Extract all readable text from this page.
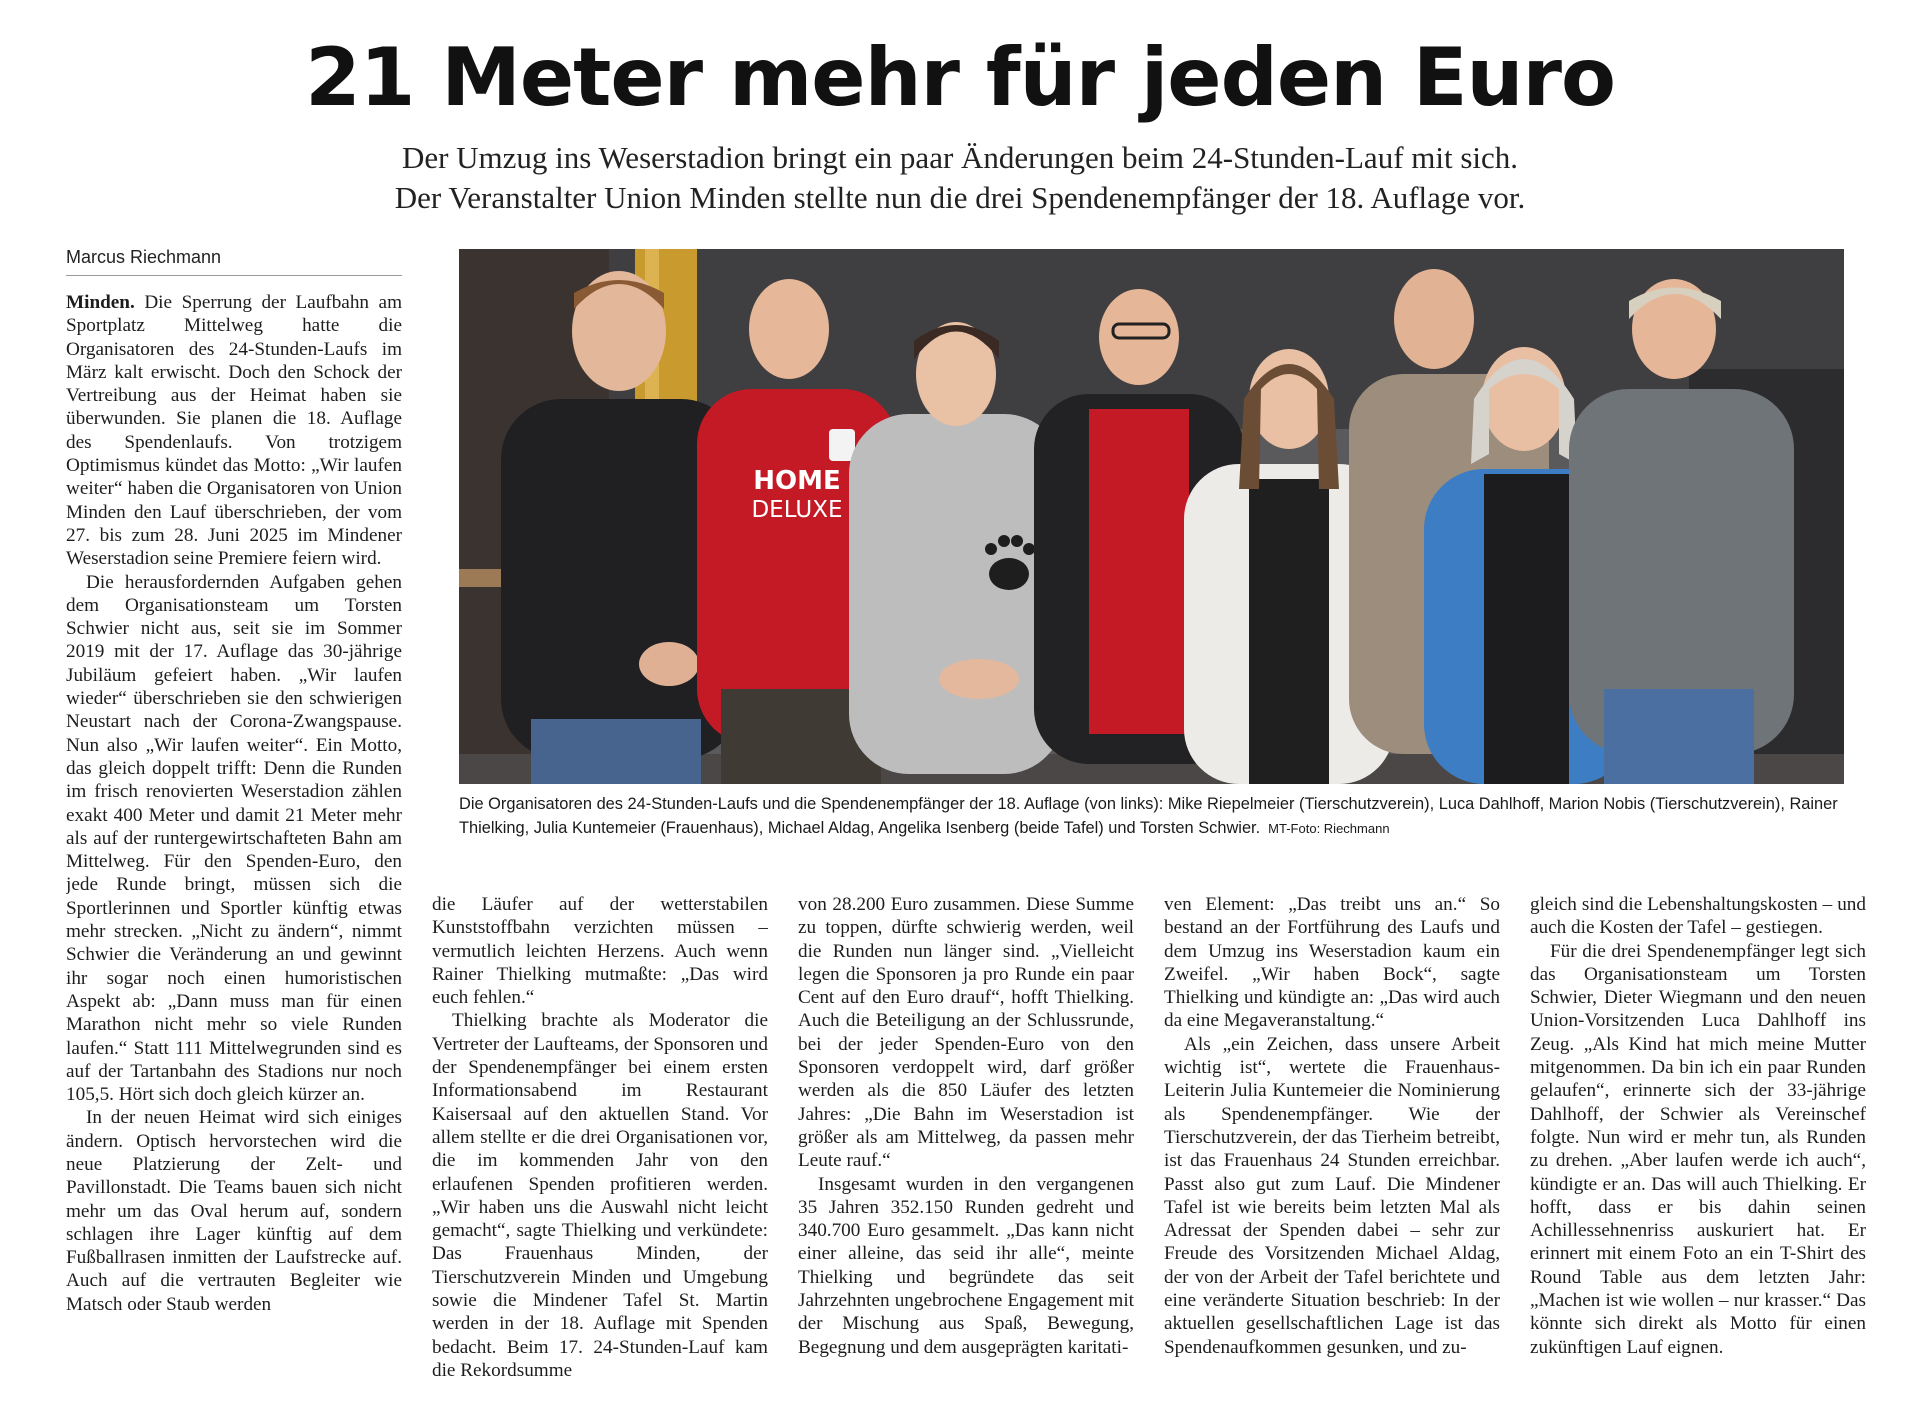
21 Meter mehr für jeden Euro
Der Umzug ins Weserstadion bringt ein paar Änderungen beim 24-Stunden-Lauf mit sich.
Der Veranstalter Union Minden stellte nun die drei Spendenempfänger der 18. Auflage vor.
Marcus Riechmann

Minden. Die Sperrung der Laufbahn am Sportplatz Mittelweg hatte die Organisatoren des 24-Stunden-Laufs im März kalt erwischt. Doch den Schock der Vertreibung aus der Heimat haben sie überwunden. Sie planen die 18. Auflage des Spendenlaufs. Von trotzigem Optimismus kündet das Motto: „Wir laufen weiter“ haben die Organisatoren von Union Minden den Lauf überschrieben, der vom 27. bis zum 28. Juni 2025 im Mindener Weserstadion seine Premiere feiern wird.

Die herausfordernden Aufgaben gehen dem Organisationsteam um Torsten Schwier nicht aus, seit sie im Sommer 2019 mit der 17. Auflage das 30-jährige Jubiläum gefeiert haben. „Wir laufen wieder“ überschrieben sie den schwierigen Neustart nach der Corona-Zwangspause. Nun also „Wir laufen weiter“. Ein Motto, das gleich doppelt trifft: Denn die Runden im frisch renovierten Weserstadion zählen exakt 400 Meter und damit 21 Meter mehr als auf der runtergewirtschafteten Bahn am Mittelweg. Für den Spenden-Euro, den jede Runde bringt, müssen sich die Sportlerinnen und Sportler künftig etwas mehr strecken. „Nicht zu ändern“, nimmt Schwier die Veränderung an und gewinnt ihr sogar noch einen humoristischen Aspekt ab: „Dann muss man für einen Marathon nicht mehr so viele Runden laufen.“ Statt 111 Mittelwegrunden sind es auf der Tartanbahn des Stadions nur noch 105,5. Hört sich doch gleich kürzer an.

In der neuen Heimat wird sich einiges ändern. Optisch hervorstechen wird die neue Platzierung der Zelt- und Pavillonstadt. Die Teams bauen sich nicht mehr um das Oval herum auf, sondern schlagen ihre Lager künftig auf dem Fußballrasen inmitten der Laufstrecke auf. Auch auf die vertrauten Begleiter wie Matsch oder Staub werden

HOME
DELUXE
Die Organisatoren des 24-Stunden-Laufs und die Spendenempfänger der 18. Auflage (von links): Mike Riepelmeier (Tierschutzverein), Luca Dahlhoff, Marion Nobis (Tierschutzverein), Rainer Thielking, Julia Kuntemeier (Frauenhaus), Michael Aldag, Angelika Isenberg (beide Tafel) und Torsten Schwier. MT-Foto: Riechmann

die Läufer auf der wetterstabilen Kunststoffbahn verzichten müssen – vermutlich leichten Herzens. Auch wenn Rainer Thielking mutmaßte: „Das wird euch fehlen.“

Thielking brachte als Moderator die Vertreter der Laufteams, der Sponsoren und der Spendenempfänger bei einem ersten Informationsabend im Restaurant Kaisersaal auf den aktuellen Stand. Vor allem stellte er die drei Organisationen vor, die im kommenden Jahr von den erlaufenen Spenden profitieren werden. „Wir haben uns die Auswahl nicht leicht gemacht“, sagte Thielking und verkündete: Das Frauenhaus Minden, der Tierschutzverein Minden und Umgebung sowie die Mindener Tafel St. Martin werden in der 18. Auflage mit Spenden bedacht. Beim 17. 24-Stunden-Lauf kam die Rekordsumme

von 28.200 Euro zusammen. Diese Summe zu toppen, dürfte schwierig werden, weil die Runden nun länger sind. „Vielleicht legen die Sponsoren ja pro Runde ein paar Cent auf den Euro drauf“, hofft Thielking. Auch die Beteiligung an der Schlussrunde, bei der jeder Spenden-Euro von den Sponsoren verdoppelt wird, darf größer werden als die 850 Läufer des letzten Jahres: „Die Bahn im Weserstadion ist größer als am Mittelweg, da passen mehr Leute rauf.“

Insgesamt wurden in den vergangenen 35 Jahren 352.150 Runden gedreht und 340.700 Euro gesammelt. „Das kann nicht einer alleine, das seid ihr alle“, meinte Thielking und begründete das seit Jahrzehnten ungebrochene Engagement mit der Mischung aus Spaß, Bewegung, Begegnung und dem ausgeprägten karitati-

ven Element: „Das treibt uns an.“ So bestand an der Fortführung des Laufs und dem Umzug ins Weserstadion kaum ein Zweifel. „Wir haben Bock“, sagte Thielking und kündigte an: „Das wird auch da eine Megaveranstaltung.“

Als „ein Zeichen, dass unsere Arbeit wichtig ist“, wertete die Frauenhaus-Leiterin Julia Kuntemeier die Nominierung als Spendenempfänger. Wie der Tierschutzverein, der das Tierheim betreibt, ist das Frauenhaus 24 Stunden erreichbar. Passt also gut zum Lauf. Die Mindener Tafel ist wie bereits beim letzten Mal als Adressat der Spenden dabei – sehr zur Freude des Vorsitzenden Michael Aldag, der von der Arbeit der Tafel berichtete und eine veränderte Situation beschrieb: In der aktuellen gesellschaftlichen Lage ist das Spendenaufkommen gesunken, und zu-

gleich sind die Lebenshaltungskosten – und auch die Kosten der Tafel – gestiegen.

Für die drei Spendenempfänger legt sich das Organisationsteam um Torsten Schwier, Dieter Wiegmann und den neuen Union-Vorsitzenden Luca Dahlhoff ins Zeug. „Als Kind hat mich meine Mutter mitgenommen. Da bin ich ein paar Runden gelaufen“, erinnerte sich der 33-jährige Dahlhoff, der Schwier als Vereinschef folgte. Nun wird er mehr tun, als Runden zu drehen. „Aber laufen werde ich auch“, kündigte er an. Das will auch Thielking. Er hofft, dass er bis dahin seinen Achillessehnenriss auskuriert hat. Er erinnert mit einem Foto an ein T-Shirt des Round Table aus dem letzten Jahr: „Machen ist wie wollen – nur krasser.“ Das könnte sich direkt als Motto für einen zukünftigen Lauf eignen.
